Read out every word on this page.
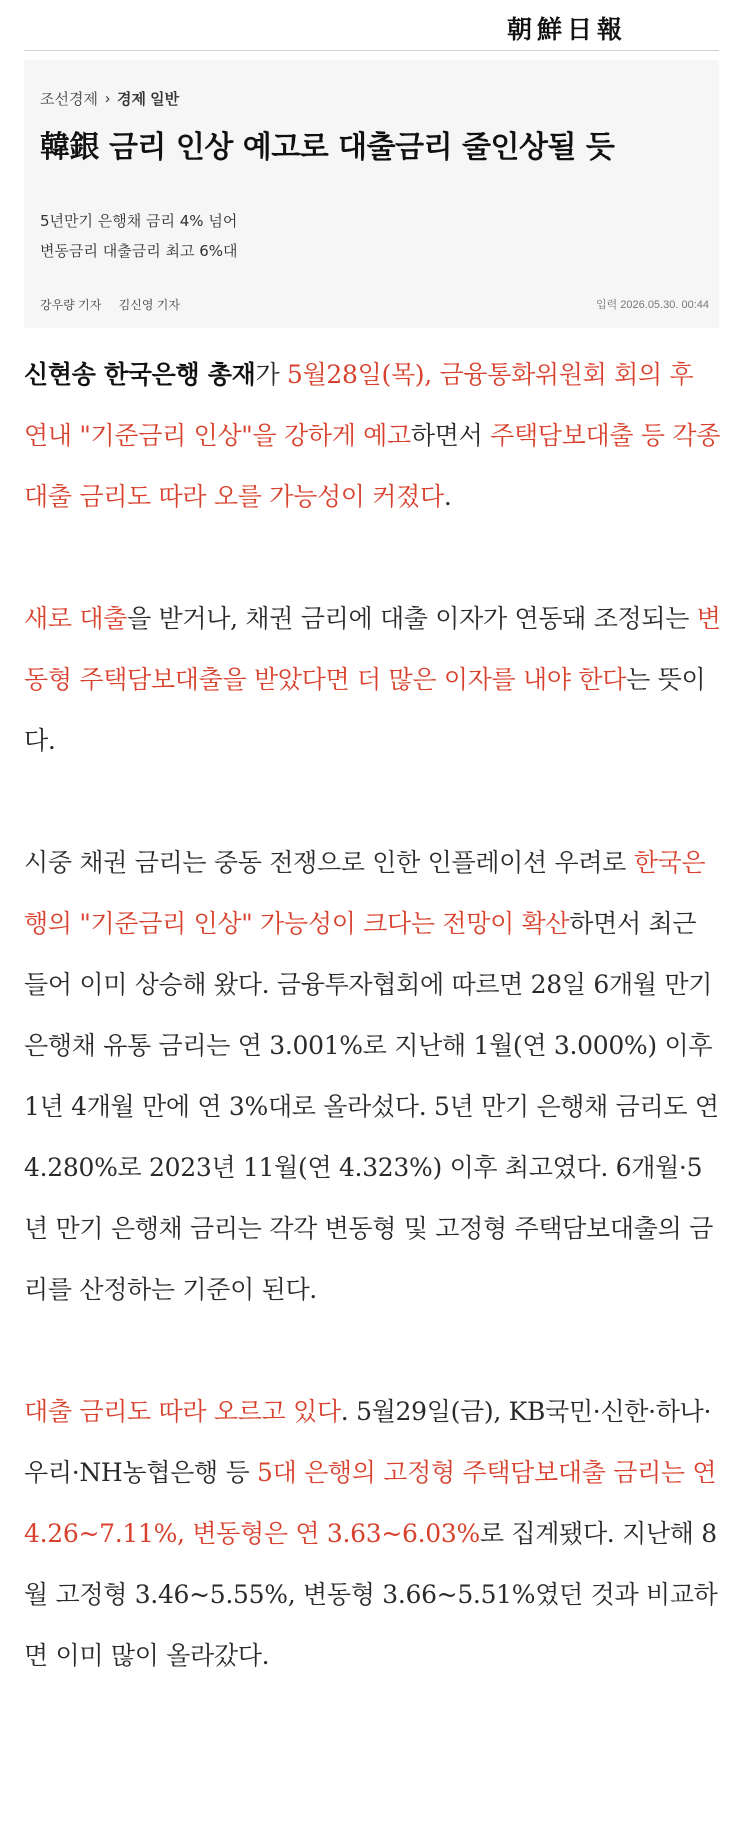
朝鮮日報
조선경제 › 경제 일반
韓銀 금리 인상 예고로 대출금리 줄인상될 듯
5년만기 은행채 금리 4% 넘어
변동금리 대출금리 최고 6%대
강우량 기자 김신영 기자	입력 2026.05.30. 00:44

신현송 한국은행 총재가 5월28일(목), 금융통화위원회 회의 후 연내 "기준금리 인상"을 강하게 예고하면서 주택담보대출 등 각종 대출 금리도 따라 오를 가능성이 커졌다.

새로 대출을 받거나, 채권 금리에 대출 이자가 연동돼 조정되는 변동형 주택담보대출을 받았다면 더 많은 이자를 내야 한다는 뜻이다.

시중 채권 금리는 중동 전쟁으로 인한 인플레이션 우려로 한국은행의 "기준금리 인상" 가능성이 크다는 전망이 확산하면서 최근 들어 이미 상승해 왔다. 금융투자협회에 따르면 28일 6개월 만기 은행채 유통 금리는 연 3.001%로 지난해 1월(연 3.000%) 이후 1년 4개월 만에 연 3%대로 올라섰다. 5년 만기 은행채 금리도 연 4.280%로 2023년 11월(연 4.323%) 이후 최고였다. 6개월·5년 만기 은행채 금리는 각각 변동형 및 고정형 주택담보대출의 금리를 산정하는 기준이 된다.

대출 금리도 따라 오르고 있다. 5월29일(금), KB국민·신한·하나·우리·NH농협은행 등 5대 은행의 고정형 주택담보대출 금리는 연 4.26~7.11%, 변동형은 연 3.63~6.03%로 집계됐다. 지난해 8월 고정형 3.46~5.55%, 변동형 3.66~5.51%였던 것과 비교하면 이미 많이 올라갔다.
